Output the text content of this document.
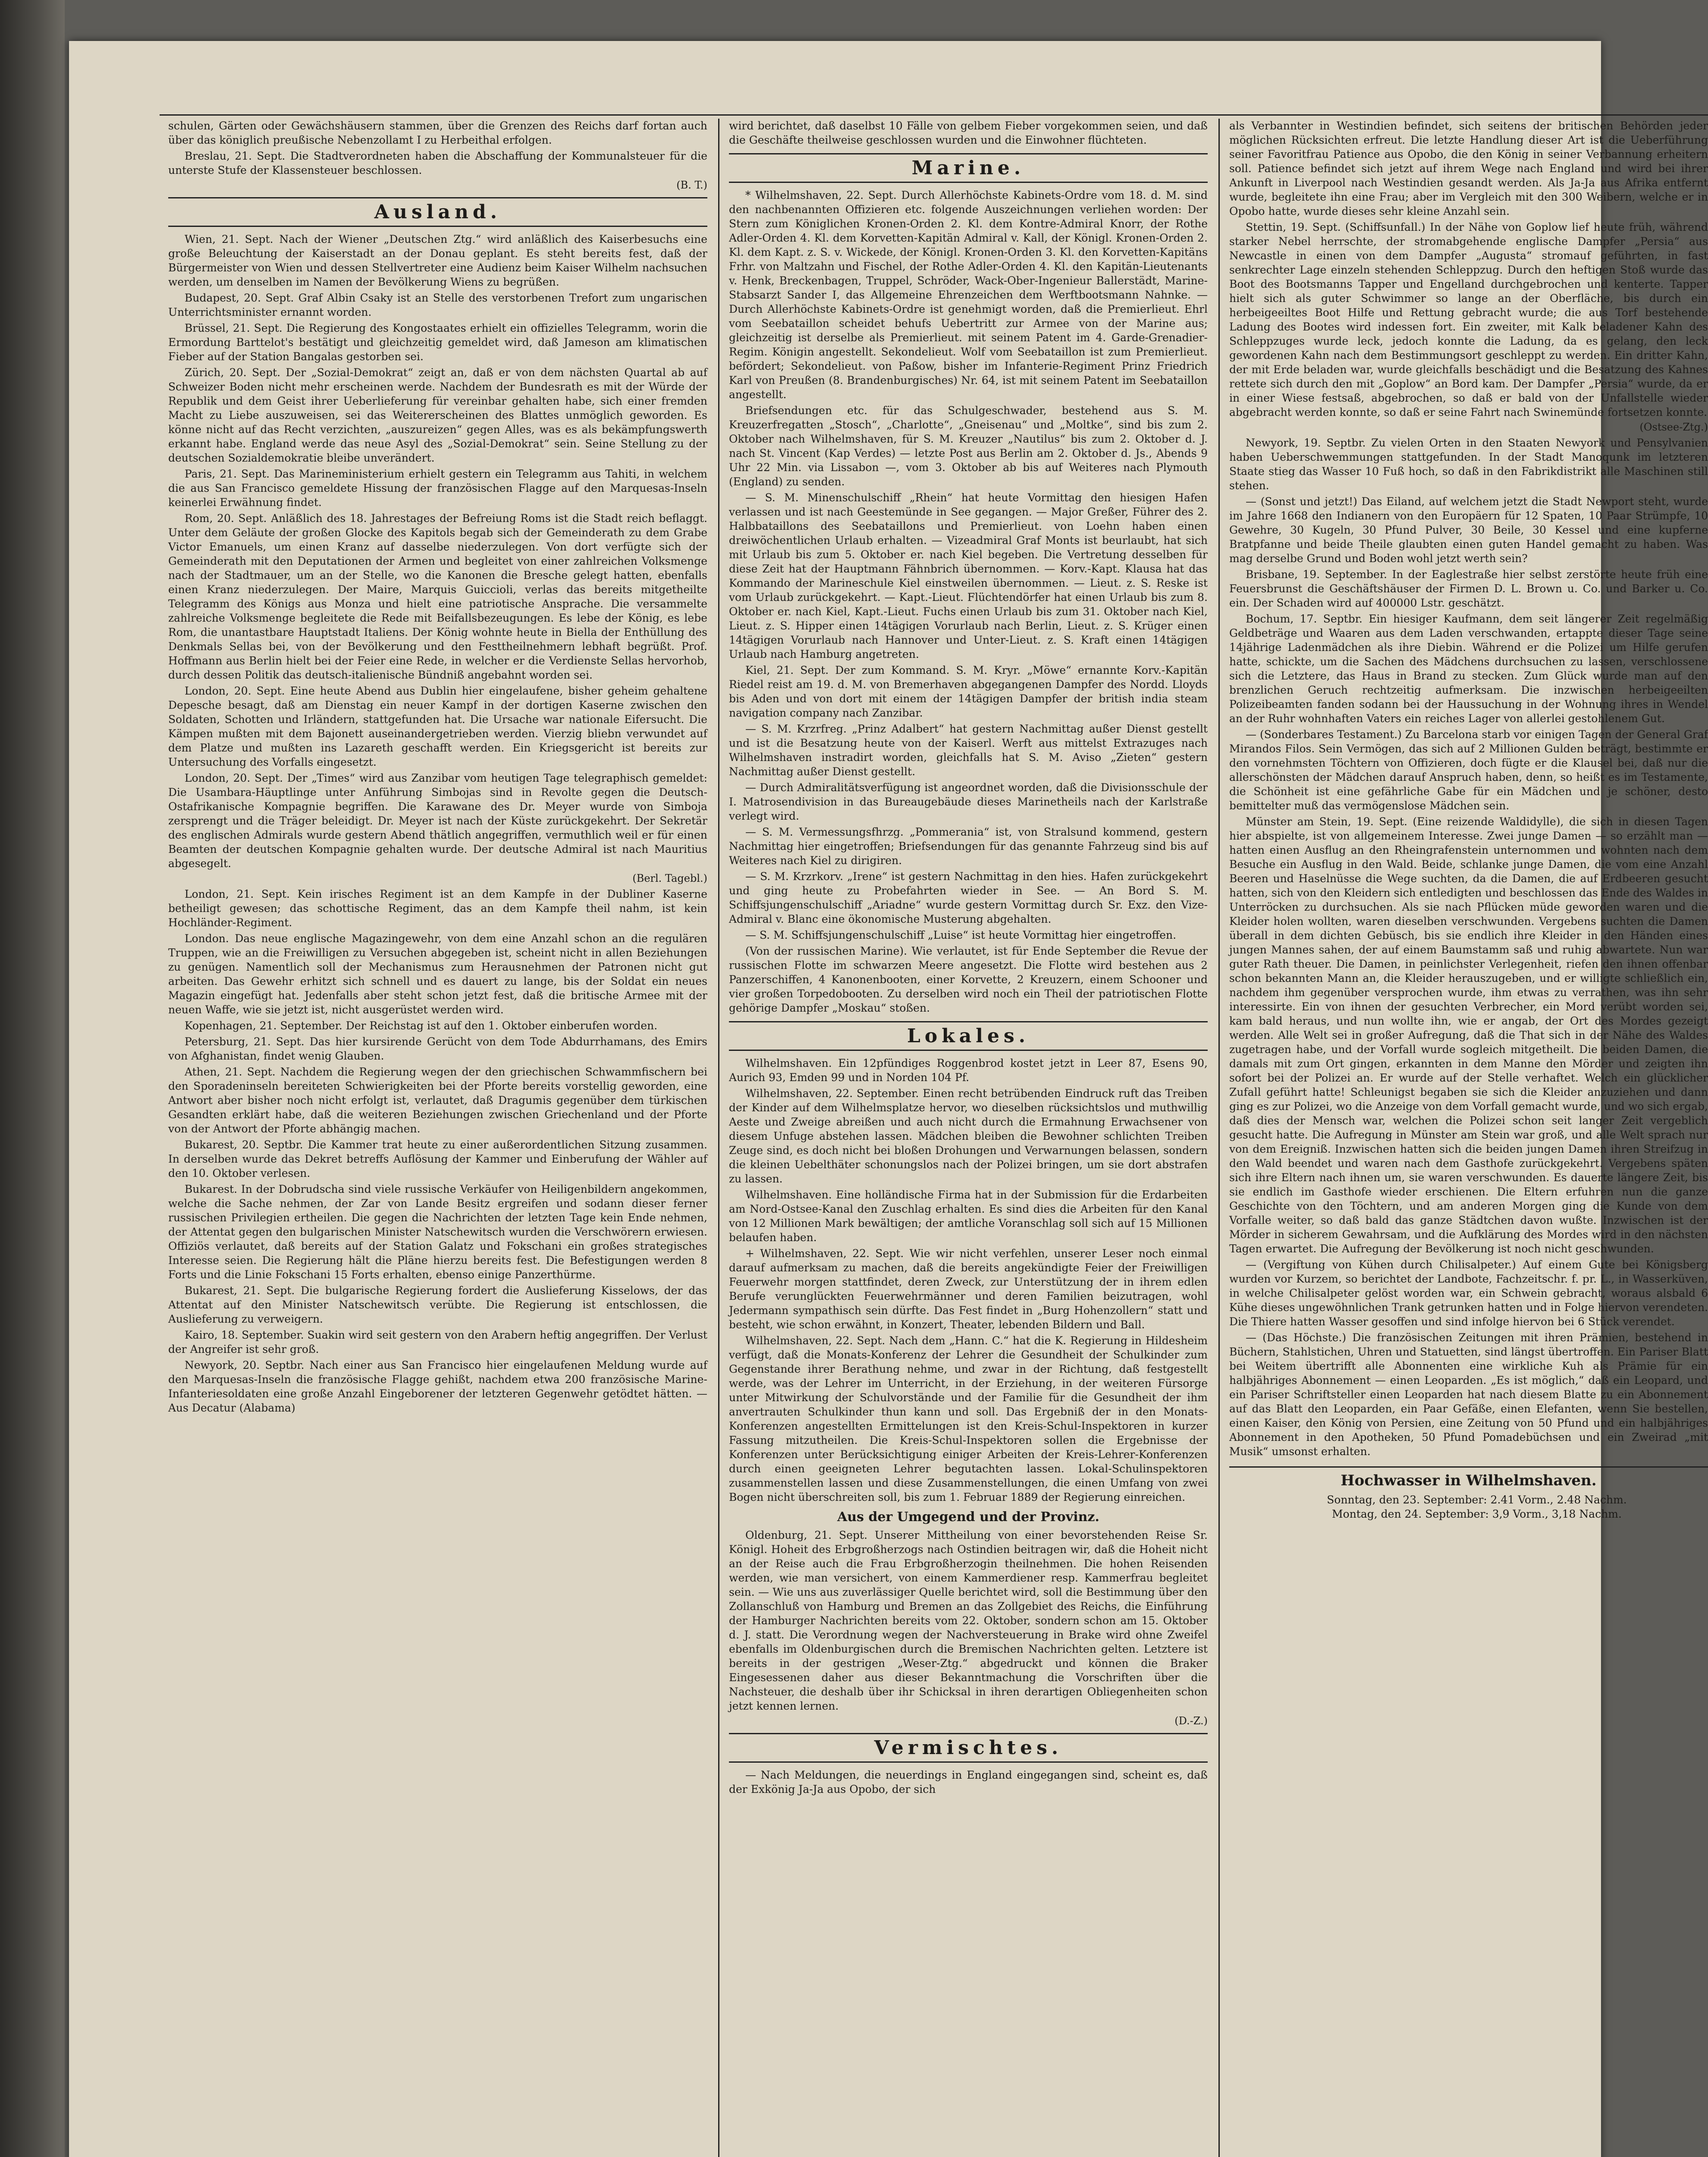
schulen, Gärten oder Gewächshäusern stammen, über die Grenzen des Reichs darf fortan auch über das königlich preußische Nebenzollamt I zu Herbeithal erfolgen.

Breslau, 21. Sept. Die Stadtverordneten haben die Abschaffung der Kommunalsteuer für die unterste Stufe der Klassensteuer beschlossen.

(B. T.)
Ausland.

Wien, 21. Sept. Nach der Wiener „Deutschen Ztg.“ wird anläßlich des Kaiserbesuchs eine große Beleuchtung der Kaiserstadt an der Donau geplant. Es steht bereits fest, daß der Bürgermeister von Wien und dessen Stellvertreter eine Audienz beim Kaiser Wilhelm nachsuchen werden, um denselben im Namen der Bevölkerung Wiens zu begrüßen.

Budapest, 20. Sept. Graf Albin Csaky ist an Stelle des verstorbenen Trefort zum ungarischen Unterrichtsminister ernannt worden.

Brüssel, 21. Sept. Die Regierung des Kongostaates erhielt ein offizielles Telegramm, worin die Ermordung Barttelot's bestätigt und gleichzeitig gemeldet wird, daß Jameson am klimatischen Fieber auf der Station Bangalas gestorben sei.

Zürich, 20. Sept. Der „Sozial-Demokrat“ zeigt an, daß er von dem nächsten Quartal ab auf Schweizer Boden nicht mehr erscheinen werde. Nachdem der Bundesrath es mit der Würde der Republik und dem Geist ihrer Ueberlieferung für vereinbar gehalten habe, sich einer fremden Macht zu Liebe auszuweisen, sei das Weitererscheinen des Blattes unmöglich geworden. Es könne nicht auf das Recht verzichten, „auszureizen“ gegen Alles, was es als bekämpfungswerth erkannt habe. England werde das neue Asyl des „Sozial-Demokrat“ sein. Seine Stellung zu der deutschen Sozialdemokratie bleibe unverändert.

Paris, 21. Sept. Das Marineministerium erhielt gestern ein Telegramm aus Tahiti, in welchem die aus San Francisco gemeldete Hissung der französischen Flagge auf den Marquesas-Inseln keinerlei Erwähnung findet.

Rom, 20. Sept. Anläßlich des 18. Jahrestages der Befreiung Roms ist die Stadt reich beflaggt. Unter dem Geläute der großen Glocke des Kapitols begab sich der Gemeinderath zu dem Grabe Victor Emanuels, um einen Kranz auf dasselbe niederzulegen. Von dort verfügte sich der Gemeinderath mit den Deputationen der Armen und begleitet von einer zahlreichen Volksmenge nach der Stadtmauer, um an der Stelle, wo die Kanonen die Bresche gelegt hatten, ebenfalls einen Kranz niederzulegen. Der Maire, Marquis Guiccioli, verlas das bereits mitgetheilte Telegramm des Königs aus Monza und hielt eine patriotische Ansprache. Die versammelte zahlreiche Volksmenge begleitete die Rede mit Beifallsbezeugungen. Es lebe der König, es lebe Rom, die unantastbare Hauptstadt Italiens. Der König wohnte heute in Biella der Enthüllung des Denkmals Sellas bei, von der Bevölkerung und den Festtheilnehmern lebhaft begrüßt. Prof. Hoffmann aus Berlin hielt bei der Feier eine Rede, in welcher er die Verdienste Sellas hervorhob, durch dessen Politik das deutsch-italienische Bündniß angebahnt worden sei.

London, 20. Sept. Eine heute Abend aus Dublin hier eingelaufene, bisher geheim gehaltene Depesche besagt, daß am Dienstag ein neuer Kampf in der dortigen Kaserne zwischen den Soldaten, Schotten und Irländern, stattgefunden hat. Die Ursache war nationale Eifersucht. Die Kämpen mußten mit dem Bajonett auseinandergetrieben werden. Vierzig bliebn verwundet auf dem Platze und mußten ins Lazareth geschafft werden. Ein Kriegsgericht ist bereits zur Untersuchung des Vorfalls eingesetzt.

London, 20. Sept. Der „Times“ wird aus Zanzibar vom heutigen Tage telegraphisch gemeldet: Die Usambara-Häuptlinge unter Anführung Simbojas sind in Revolte gegen die Deutsch-Ostafrikanische Kompagnie begriffen. Die Karawane des Dr. Meyer wurde von Simboja zersprengt und die Träger beleidigt. Dr. Meyer ist nach der Küste zurückgekehrt. Der Sekretär des englischen Admirals wurde gestern Abend thätlich angegriffen, vermuthlich weil er für einen Beamten der deutschen Kompagnie gehalten wurde. Der deutsche Admiral ist nach Mauritius abgesegelt.

(Berl. Tagebl.)

London, 21. Sept. Kein irisches Regiment ist an dem Kampfe in der Dubliner Kaserne betheiligt gewesen; das schottische Regiment, das an dem Kampfe theil nahm, ist kein Hochländer-Regiment.

London. Das neue englische Magazingewehr, von dem eine Anzahl schon an die regulären Truppen, wie an die Freiwilligen zu Versuchen abgegeben ist, scheint nicht in allen Beziehungen zu genügen. Namentlich soll der Mechanismus zum Herausnehmen der Patronen nicht gut arbeiten. Das Gewehr erhitzt sich schnell und es dauert zu lange, bis der Soldat ein neues Magazin eingefügt hat. Jedenfalls aber steht schon jetzt fest, daß die britische Armee mit der neuen Waffe, wie sie jetzt ist, nicht ausgerüstet werden wird.

Kopenhagen, 21. September. Der Reichstag ist auf den 1. Oktober einberufen worden.

Petersburg, 21. Sept. Das hier kursirende Gerücht von dem Tode Abdurrhamans, des Emirs von Afghanistan, findet wenig Glauben.

Athen, 21. Sept. Nachdem die Regierung wegen der den griechischen Schwammfischern bei den Sporadeninseln bereiteten Schwierigkeiten bei der Pforte bereits vorstellig geworden, eine Antwort aber bisher noch nicht erfolgt ist, verlautet, daß Dragumis gegenüber dem türkischen Gesandten erklärt habe, daß die weiteren Beziehungen zwischen Griechenland und der Pforte von der Antwort der Pforte abhängig machen.

Bukarest, 20. Septbr. Die Kammer trat heute zu einer außerordentlichen Sitzung zusammen. In derselben wurde das Dekret betreffs Auflösung der Kammer und Einberufung der Wähler auf den 10. Oktober verlesen.

Bukarest. In der Dobrudscha sind viele russische Verkäufer von Heiligenbildern angekommen, welche die Sache nehmen, der Zar von Lande Besitz ergreifen und sodann dieser ferner russischen Privilegien ertheilen. Die gegen die Nachrichten der letzten Tage kein Ende nehmen, der Attentat gegen den bulgarischen Minister Natschewitsch wurden die Verschwörern erwiesen. Offiziös verlautet, daß bereits auf der Station Galatz und Fokschani ein großes strategisches Interesse seien. Die Regierung hält die Pläne hierzu bereits fest. Die Befestigungen werden 8 Forts und die Linie Fokschani 15 Forts erhalten, ebenso einige Panzerthürme.

Bukarest, 21. Sept. Die bulgarische Regierung fordert die Auslieferung Kisselows, der das Attentat auf den Minister Natschewitsch verübte. Die Regierung ist entschlossen, die Auslieferung zu verweigern.

Kairo, 18. September. Suakin wird seit gestern von den Arabern heftig angegriffen. Der Verlust der Angreifer ist sehr groß.

Newyork, 20. Septbr. Nach einer aus San Francisco hier eingelaufenen Meldung wurde auf den Marquesas-Inseln die französische Flagge gehißt, nachdem etwa 200 französische Marine-Infanteriesoldaten eine große Anzahl Eingeborener der letzteren Gegenwehr getödtet hätten. — Aus Decatur (Alabama)

wird berichtet, daß daselbst 10 Fälle von gelbem Fieber vorgekommen seien, und daß die Geschäfte theilweise geschlossen wurden und die Einwohner flüchteten.

Marine.

* Wilhelmshaven, 22. Sept. Durch Allerhöchste Kabinets-Ordre vom 18. d. M. sind den nachbenannten Offizieren etc. folgende Auszeichnungen verliehen worden: Der Stern zum Königlichen Kronen-Orden 2. Kl. dem Kontre-Admiral Knorr, der Rothe Adler-Orden 4. Kl. dem Korvetten-Kapitän Admiral v. Kall, der Königl. Kronen-Orden 2. Kl. dem Kapt. z. S. v. Wickede, der Königl. Kronen-Orden 3. Kl. den Korvetten-Kapitäns Frhr. von Maltzahn und Fischel, der Rothe Adler-Orden 4. Kl. den Kapitän-Lieutenants v. Henk, Breckenbagen, Truppel, Schröder, Wack-Ober-Ingenieur Ballerstädt, Marine-Stabsarzt Sander I, das Allgemeine Ehrenzeichen dem Werftbootsmann Nahnke. — Durch Allerhöchste Kabinets-Ordre ist genehmigt worden, daß die Premierlieut. Ehrl vom Seebataillon scheidet behufs Uebertritt zur Armee von der Marine aus; gleichzeitig ist derselbe als Premierlieut. mit seinem Patent im 4. Garde-Grenadier-Regim. Königin angestellt. Sekondelieut. Wolf vom Seebataillon ist zum Premierlieut. befördert; Sekondelieut. von Paßow, bisher im Infanterie-Regiment Prinz Friedrich Karl von Preußen (8. Brandenburgisches) Nr. 64, ist mit seinem Patent im Seebataillon angestellt.

Briefsendungen etc. für das Schulgeschwader, bestehend aus S. M. Kreuzerfregatten „Stosch“, „Charlotte“, „Gneisenau“ und „Moltke“, sind bis zum 2. Oktober nach Wilhelmshaven, für S. M. Kreuzer „Nautilus“ bis zum 2. Oktober d. J. nach St. Vincent (Kap Verdes) — letzte Post aus Berlin am 2. Oktober d. Js., Abends 9 Uhr 22 Min. via Lissabon —, vom 3. Oktober ab bis auf Weiteres nach Plymouth (England) zu senden.

— S. M. Minenschulschiff „Rhein“ hat heute Vormittag den hiesigen Hafen verlassen und ist nach Geestemünde in See gegangen. — Major Greßer, Führer des 2. Halbbataillons des Seebataillons und Premierlieut. von Loehn haben einen dreiwöchentlichen Urlaub erhalten. — Vizeadmiral Graf Monts ist beurlaubt, hat sich mit Urlaub bis zum 5. Oktober er. nach Kiel begeben. Die Vertretung desselben für diese Zeit hat der Hauptmann Fähnbrich übernommen. — Korv.-Kapt. Klausa hat das Kommando der Marineschule Kiel einstweilen übernommen. — Lieut. z. S. Reske ist vom Urlaub zurückgekehrt. — Kapt.-Lieut. Flüchtendörfer hat einen Urlaub bis zum 8. Oktober er. nach Kiel, Kapt.-Lieut. Fuchs einen Urlaub bis zum 31. Oktober nach Kiel, Lieut. z. S. Hipper einen 14tägigen Vorurlaub nach Berlin, Lieut. z. S. Krüger einen 14tägigen Vorurlaub nach Hannover und Unter-Lieut. z. S. Kraft einen 14tägigen Urlaub nach Hamburg angetreten.

Kiel, 21. Sept. Der zum Kommand. S. M. Kryr. „Möwe“ ernannte Korv.-Kapitän Riedel reist am 19. d. M. von Bremerhaven abgegangenen Dampfer des Nordd. Lloyds bis Aden und von dort mit einem der 14tägigen Dampfer der british india steam navigation company nach Zanzibar.

— S. M. Krzrfreg. „Prinz Adalbert“ hat gestern Nachmittag außer Dienst gestellt und ist die Besatzung heute von der Kaiserl. Werft aus mittelst Extrazuges nach Wilhelmshaven instradirt worden, gleichfalls hat S. M. Aviso „Zieten“ gestern Nachmittag außer Dienst gestellt.

— Durch Admiralitätsverfügung ist angeordnet worden, daß die Divisionsschule der I. Matrosendivision in das Bureaugebäude dieses Marinetheils nach der Karlstraße verlegt wird.

— S. M. Vermessungsfhrzg. „Pommerania“ ist, von Stralsund kommend, gestern Nachmittag hier eingetroffen; Briefsendungen für das genannte Fahrzeug sind bis auf Weiteres nach Kiel zu dirigiren.

— S. M. Krzrkorv. „Irene“ ist gestern Nachmittag in den hies. Hafen zurückgekehrt und ging heute zu Probefahrten wieder in See. — An Bord S. M. Schiffsjungenschulschiff „Ariadne“ wurde gestern Vormittag durch Sr. Exz. den Vize-Admiral v. Blanc eine ökonomische Musterung abgehalten.

— S. M. Schiffsjungenschulschiff „Luise“ ist heute Vormittag hier eingetroffen.

(Von der russischen Marine). Wie verlautet, ist für Ende September die Revue der russischen Flotte im schwarzen Meere angesetzt. Die Flotte wird bestehen aus 2 Panzerschiffen, 4 Kanonenbooten, einer Korvette, 2 Kreuzern, einem Schooner und vier großen Torpedobooten. Zu derselben wird noch ein Theil der patriotischen Flotte gehörige Dampfer „Moskau“ stoßen.

Lokales.

Wilhelmshaven. Ein 12pfündiges Roggenbrod kostet jetzt in Leer 87, Esens 90, Aurich 93, Emden 99 und in Norden 104 Pf.

Wilhelmshaven, 22. September. Einen recht betrübenden Eindruck ruft das Treiben der Kinder auf dem Wilhelmsplatze hervor, wo dieselben rücksichtslos und muthwillig Aeste und Zweige abreißen und auch nicht durch die Ermahnung Erwachsener von diesem Unfuge abstehen lassen. Mädchen bleiben die Bewohner schlichten Treiben Zeuge sind, es doch nicht bei bloßen Drohungen und Verwarnungen belassen, sondern die kleinen Uebelthäter schonungslos nach der Polizei bringen, um sie dort abstrafen zu lassen.

Wilhelmshaven. Eine holländische Firma hat in der Submission für die Erdarbeiten am Nord-Ostsee-Kanal den Zuschlag erhalten. Es sind dies die Arbeiten für den Kanal von 12 Millionen Mark bewältigen; der amtliche Voranschlag soll sich auf 15 Millionen belaufen haben.

+ Wilhelmshaven, 22. Sept. Wie wir nicht verfehlen, unserer Leser noch einmal darauf aufmerksam zu machen, daß die bereits angekündigte Feier der Freiwilligen Feuerwehr morgen stattfindet, deren Zweck, zur Unterstützung der in ihrem edlen Berufe verunglückten Feuerwehrmänner und deren Familien beizutragen, wohl Jedermann sympathisch sein dürfte. Das Fest findet in „Burg Hohenzollern“ statt und besteht, wie schon erwähnt, in Konzert, Theater, lebenden Bildern und Ball.

Wilhelmshaven, 22. Sept. Nach dem „Hann. C.“ hat die K. Regierung in Hildesheim verfügt, daß die Monats-Konferenz der Lehrer die Gesundheit der Schulkinder zum Gegenstande ihrer Berathung nehme, und zwar in der Richtung, daß festgestellt werde, was der Lehrer im Unterricht, in der Erziehung, in der weiteren Fürsorge unter Mitwirkung der Schulvorstände und der Familie für die Gesundheit der ihm anvertrauten Schulkinder thun kann und soll. Das Ergebniß der in den Monats-Konferenzen angestellten Ermittelungen ist den Kreis-Schul-Inspektoren in kurzer Fassung mitzutheilen. Die Kreis-Schul-Inspektoren sollen die Ergebnisse der Konferenzen unter Berücksichtigung einiger Arbeiten der Kreis-Lehrer-Konferenzen durch einen geeigneten Lehrer begutachten lassen. Lokal-Schulinspektoren zusammenstellen lassen und diese Zusammenstellungen, die einen Umfang von zwei Bogen nicht überschreiten soll, bis zum 1. Februar 1889 der Regierung einreichen.

Aus der Umgegend und der Provinz.

Oldenburg, 21. Sept. Unserer Mittheilung von einer bevorstehenden Reise Sr. Königl. Hoheit des Erbgroßherzogs nach Ostindien beitragen wir, daß die Hoheit nicht an der Reise auch die Frau Erbgroßherzogin theilnehmen. Die hohen Reisenden werden, wie man versichert, von einem Kammerdiener resp. Kammerfrau begleitet sein. — Wie uns aus zuverlässiger Quelle berichtet wird, soll die Bestimmung über den Zollanschluß von Hamburg und Bremen an das Zollgebiet des Reichs, die Einführung der Hamburger Nachrichten bereits vom 22. Oktober, sondern schon am 15. Oktober d. J. statt. Die Verordnung wegen der Nachversteuerung in Brake wird ohne Zweifel ebenfalls im Oldenburgischen durch die Bremischen Nachrichten gelten. Letztere ist bereits in der gestrigen „Weser-Ztg.“ abgedruckt und können die Braker Eingesessenen daher aus dieser Bekanntmachung die Vorschriften über die Nachsteuer, die deshalb über ihr Schicksal in ihren derartigen Obliegenheiten schon jetzt kennen lernen.

(D.-Z.)
Vermischtes.

— Nach Meldungen, die neuerdings in England eingegangen sind, scheint es, daß der Exkönig Ja-Ja aus Opobo, der sich

als Verbannter in Westindien befindet, sich seitens der britischen Behörden jeder möglichen Rücksichten erfreut. Die letzte Handlung dieser Art ist die Ueberführung seiner Favoritfrau Patience aus Opobo, die den König in seiner Verbannung erheitern soll. Patience befindet sich jetzt auf ihrem Wege nach England und wird bei ihrer Ankunft in Liverpool nach Westindien gesandt werden. Als Ja-Ja aus Afrika entfernt wurde, begleitete ihn eine Frau; aber im Vergleich mit den 300 Weibern, welche er in Opobo hatte, wurde dieses sehr kleine Anzahl sein.

Stettin, 19. Sept. (Schiffsunfall.) In der Nähe von Goplow lief heute früh, während starker Nebel herrschte, der stromabgehende englische Dampfer „Persia“ aus Newcastle in einen von dem Dampfer „Augusta“ stromauf geführten, in fast senkrechter Lage einzeln stehenden Schleppzug. Durch den heftigen Stoß wurde das Boot des Bootsmanns Tapper und Engelland durchgebrochen und kenterte. Tapper hielt sich als guter Schwimmer so lange an der Oberfläche, bis durch ein herbeigeeiltes Boot Hilfe und Rettung gebracht wurde; die aus Torf bestehende Ladung des Bootes wird indessen fort. Ein zweiter, mit Kalk beladener Kahn des Schleppzuges wurde leck, jedoch konnte die Ladung, da es gelang, den leck gewordenen Kahn nach dem Bestimmungsort geschleppt zu werden. Ein dritter Kahn, der mit Erde beladen war, wurde gleichfalls beschädigt und die Besatzung des Kahnes rettete sich durch den mit „Goplow“ an Bord kam. Der Dampfer „Persia“ wurde, da er in einer Wiese festsaß, abgebrochen, so daß er bald von der Unfallstelle wieder abgebracht werden konnte, so daß er seine Fahrt nach Swinemünde fortsetzen konnte.

(Ostsee-Ztg.)

Newyork, 19. Septbr. Zu vielen Orten in den Staaten Newyork und Pensylvanien haben Ueberschwemmungen stattgefunden. In der Stadt Manoqunk im letzteren Staate stieg das Wasser 10 Fuß hoch, so daß in den Fabrikdistrikt alle Maschinen still stehen.

— (Sonst und jetzt!) Das Eiland, auf welchem jetzt die Stadt Newport steht, wurde im Jahre 1668 den Indianern von den Europäern für 12 Spaten, 10 Paar Strümpfe, 10 Gewehre, 30 Kugeln, 30 Pfund Pulver, 30 Beile, 30 Kessel und eine kupferne Bratpfanne und beide Theile glaubten einen guten Handel gemacht zu haben. Was mag derselbe Grund und Boden wohl jetzt werth sein?

Brisbane, 19. September. In der Eaglestraße hier selbst zerstörte heute früh eine Feuersbrunst die Geschäftshäuser der Firmen D. L. Brown u. Co. und Barker u. Co. ein. Der Schaden wird auf 400000 Lstr. geschätzt.

Bochum, 17. Septbr. Ein hiesiger Kaufmann, dem seit längerer Zeit regelmäßig Geldbeträge und Waaren aus dem Laden verschwanden, ertappte dieser Tage seine 14jährige Ladenmädchen als ihre Diebin. Während er die Polizei um Hilfe gerufen hatte, schickte, um die Sachen des Mädchens durchsuchen zu lassen, verschlossene sich die Letztere, das Haus in Brand zu stecken. Zum Glück wurde man auf den brenzlichen Geruch rechtzeitig aufmerksam. Die inzwischen herbeigeeilten Polizeibeamten fanden sodann bei der Haussuchung in der Wohnung ihres in Wendel an der Ruhr wohnhaften Vaters ein reiches Lager von allerlei gestohlenem Gut.

— (Sonderbares Testament.) Zu Barcelona starb vor einigen Tagen der General Graf Mirandos Filos. Sein Vermögen, das sich auf 2 Millionen Gulden beträgt, bestimmte er den vornehmsten Töchtern von Offizieren, doch fügte er die Klausel bei, daß nur die allerschönsten der Mädchen darauf Anspruch haben, denn, so heißt es im Testamente, die Schönheit ist eine gefährliche Gabe für ein Mädchen und je schöner, desto bemittelter muß das vermögenslose Mädchen sein.

Münster am Stein, 19. Sept. (Eine reizende Waldidylle), die sich in diesen Tagen hier abspielte, ist von allgemeinem Interesse. Zwei junge Damen — so erzählt man — hatten einen Ausflug an den Rheingrafenstein unternommen und wohnten nach dem Besuche ein Ausflug in den Wald. Beide, schlanke junge Damen, die vom eine Anzahl Beeren und Haselnüsse die Wege suchten, da die Damen, die auf Erdbeeren gesucht hatten, sich von den Kleidern sich entledigten und beschlossen das Ende des Waldes in Unterröcken zu durchsuchen. Als sie nach Pflücken müde geworden waren und die Kleider holen wollten, waren dieselben verschwunden. Vergebens suchten die Damen überall in dem dichten Gebüsch, bis sie endlich ihre Kleider in den Händen eines jungen Mannes sahen, der auf einem Baumstamm saß und ruhig abwartete. Nun war guter Rath theuer. Die Damen, in peinlichster Verlegenheit, riefen den ihnen offenbar schon bekannten Mann an, die Kleider herauszugeben, und er willigte schließlich ein, nachdem ihm gegenüber versprochen wurde, ihm etwas zu verrathen, was ihn sehr interessirte. Ein von ihnen der gesuchten Verbrecher, ein Mord verübt worden sei, kam bald heraus, und nun wollte ihn, wie er angab, der Ort des Mordes gezeigt werden. Alle Welt sei in großer Aufregung, daß die That sich in der Nähe des Waldes zugetragen habe, und der Vorfall wurde sogleich mitgetheilt. Die beiden Damen, die damals mit zum Ort gingen, erkannten in dem Manne den Mörder und zeigten ihn sofort bei der Polizei an. Er wurde auf der Stelle verhaftet. Welch ein glücklicher Zufall geführt hatte! Schleunigst begaben sie sich die Kleider anzuziehen und dann ging es zur Polizei, wo die Anzeige von dem Vorfall gemacht wurde, und wo sich ergab, daß dies der Mensch war, welchen die Polizei schon seit langer Zeit vergeblich gesucht hatte. Die Aufregung in Münster am Stein war groß, und alle Welt sprach nur von dem Ereigniß. Inzwischen hatten sich die beiden jungen Damen ihren Streifzug in den Wald beendet und waren nach dem Gasthofe zurückgekehrt. Vergebens späten sich ihre Eltern nach ihnen um, sie waren verschwunden. Es dauerte längere Zeit, bis sie endlich im Gasthofe wieder erschienen. Die Eltern erfuhren nun die ganze Geschichte von den Töchtern, und am anderen Morgen ging die Kunde von dem Vorfalle weiter, so daß bald das ganze Städtchen davon wußte. Inzwischen ist der Mörder in sicherem Gewahrsam, und die Aufklärung des Mordes wird in den nächsten Tagen erwartet. Die Aufregung der Bevölkerung ist noch nicht geschwunden.

— (Vergiftung von Kühen durch Chilisalpeter.) Auf einem Gute bei Königsberg wurden vor Kurzem, so berichtet der Landbote, Fachzeitschr. f. pr. L., in Wasserküven, in welche Chilisalpeter gelöst worden war, ein Schwein gebracht, woraus alsbald 6 Kühe dieses ungewöhnlichen Trank getrunken hatten und in Folge hiervon verendeten. Die Thiere hatten Wasser gesoffen und sind infolge hiervon bei 6 Stück verendet.

— (Das Höchste.) Die französischen Zeitungen mit ihren Prämien, bestehend in Büchern, Stahlstichen, Uhren und Statuetten, sind längst übertroffen. Ein Pariser Blatt bei Weitem übertrifft alle Abonnenten eine wirkliche Kuh als Prämie für ein halbjähriges Abonnement — einen Leoparden. „Es ist möglich,“ daß ein Leopard, und ein Pariser Schriftsteller einen Leoparden hat nach diesem Blatte zu ein Abonnement auf das Blatt den Leoparden, ein Paar Gefäße, einen Elefanten, wenn Sie bestellen, einen Kaiser, den König von Persien, eine Zeitung von 50 Pfund und ein halbjähriges Abonnement in den Apotheken, 50 Pfund Pomadebüchsen und ein Zweirad „mit Musik“ umsonst erhalten.

Hochwasser in Wilhelmshaven.

Sonntag, den 23. September: 2.41 Vorm., 2.48 Nachm.

Montag, den 24. September: 3,9 Vorm., 3,18 Nachm.
